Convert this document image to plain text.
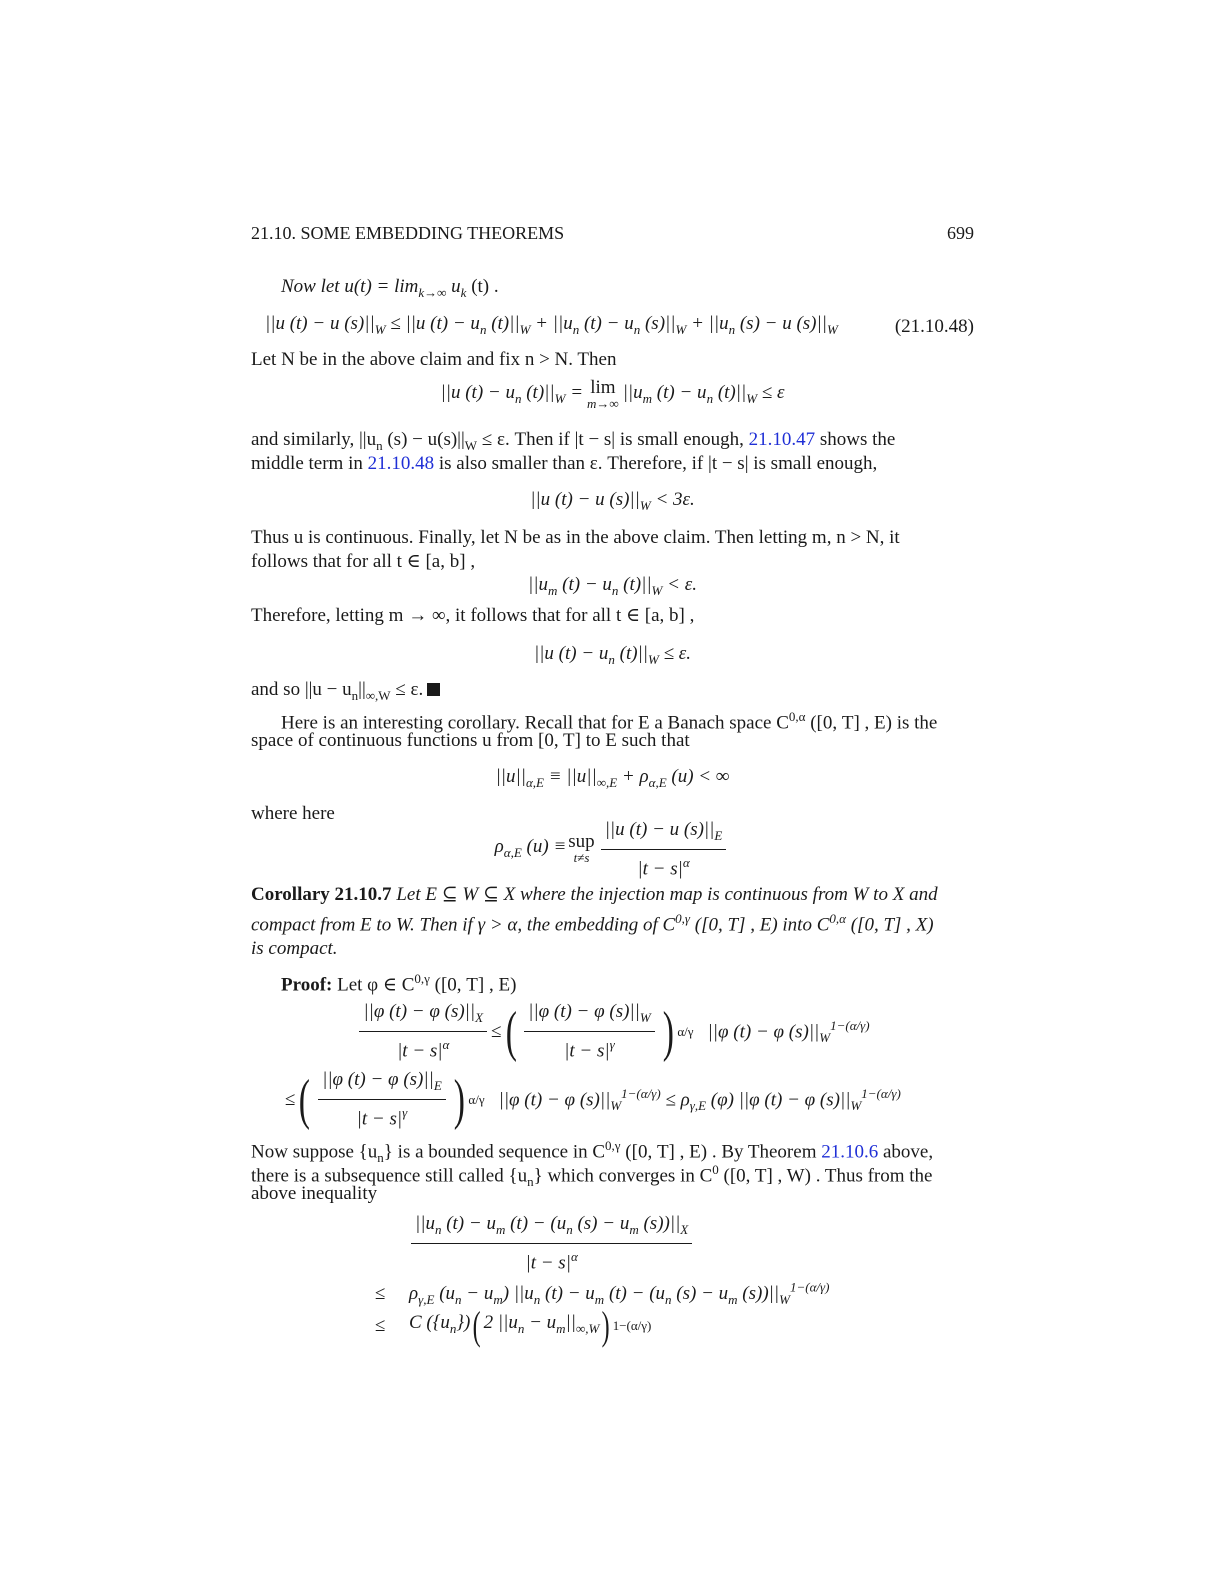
21.10. SOME EMBEDDING THEOREMS	699
Now let $u(t) = \lim_{k\to\infty} u_k$ (t) .
||u (t) − u $(s)||_W \le ||u$ $(t) - u_n$ $(t)||_W + ||u_n$ $(t) - u_n$ $(s)||_W + ||u_n$ (s) − u $(s)||_W$	(21.10.48)
Let N be in the above claim and fix n > N. Then
||u $(t) - u_n$ $(t)||_W = \lim$
m→∞
$||u_m$ $(t) - u_n$ $(t)||_W \le \varepsilon$
and similarly, $||u_n$ $(s) - u(s)||_W \le \varepsilon$. Then if |t − s| is small enough, 21.10.47 shows the
middle term in 21.10.48 is also smaller than ε. Therefore, if |t − s| is small enough,
||u (t) − u $(s)||_W < 3\varepsilon$.
Thus u is continuous. Finally, let N be as in the above claim. Then letting m, n > N, it
follows that for all t ∈ [a, b] ,
$||u_m$ $(t) - u_n$ $(t)||_W < \varepsilon$.
Therefore, letting m → ∞, it follows that for all t ∈ [a, b] ,
||u $(t) - u_n$ $(t)||_W \le \varepsilon$.
and so $||u - u_n||_{\infty,W} \le \varepsilon$.
Here is an interesting corollary. Recall that for E a Banach space $C^{0,\alpha}$ ([0, T] , E) is the
space of continuous functions u from [0, T] to E such that
$||u||_{\alpha,E} \equiv ||u||_{\infty,E} + \rho_{\alpha,E}$ (u) < ∞
where here
$\rho_{\alpha,E}$ (u) ≡ sup
$t\ne s \frac{||u (t) - u (s)||_E}{|t - s|^\alpha}$
Corollary 21.10.7 Let E ⊆ W ⊆ X where the injection map is continuous from W to X and
compact from E to W. Then if γ > α, the embedding of $C^{0,\gamma}$ ([0, T] , E) into $C^{0,\alpha}$ ([0, T] , X)
is compact.
Proof: Let φ ∈ $C^{0,\gamma}$ ([0, T] , E)
$\frac{||\varphi (t) - \varphi (s)||_X}{|t - s|^\alpha}$ ≤ ( $\frac{||\varphi (t) - \varphi (s)||_W}{|t - s|^\gamma}$ ) α/γ ||φ (t) − φ $(s)||_W^{1-(\alpha/\gamma)}$
≤ ( $\frac{||\varphi (t) - \varphi (s)||_E}{|t - s|^\gamma}$ ) α/γ ||φ (t) − φ $(s)||_W^{1-(\alpha/\gamma)} \le \rho_{\gamma,E}$ (φ) ||φ (t) − φ $(s)||_W^{1-(\alpha/\gamma)}$
Now suppose $\{u_n\}$ is a bounded sequence in $C^{0,\gamma}$ ([0, T] , E) . By Theorem 21.10.6 above,
there is a subsequence still called $\{u_n\}$ which converges in $C^0$ ([0, T] , W) . Thus from the
above inequality
$\frac{||u_n (t) - u_m (t) - (u_n (s) - u_m (s))||_X}{|t - s|^\alpha}$
≤ $\rho_{\gamma,E}$ $(u_n - u_m)$ $||u_n$ $(t) - u_m$ $(t) - (u_n$ $(s) - u_m$ $(s))||_W^{1-(\alpha/\gamma)}$
≤	C $(\{u_n\})$ ( 2 $||u_n - u_m||_{\infty,W}$ ) 1−(α/γ)
